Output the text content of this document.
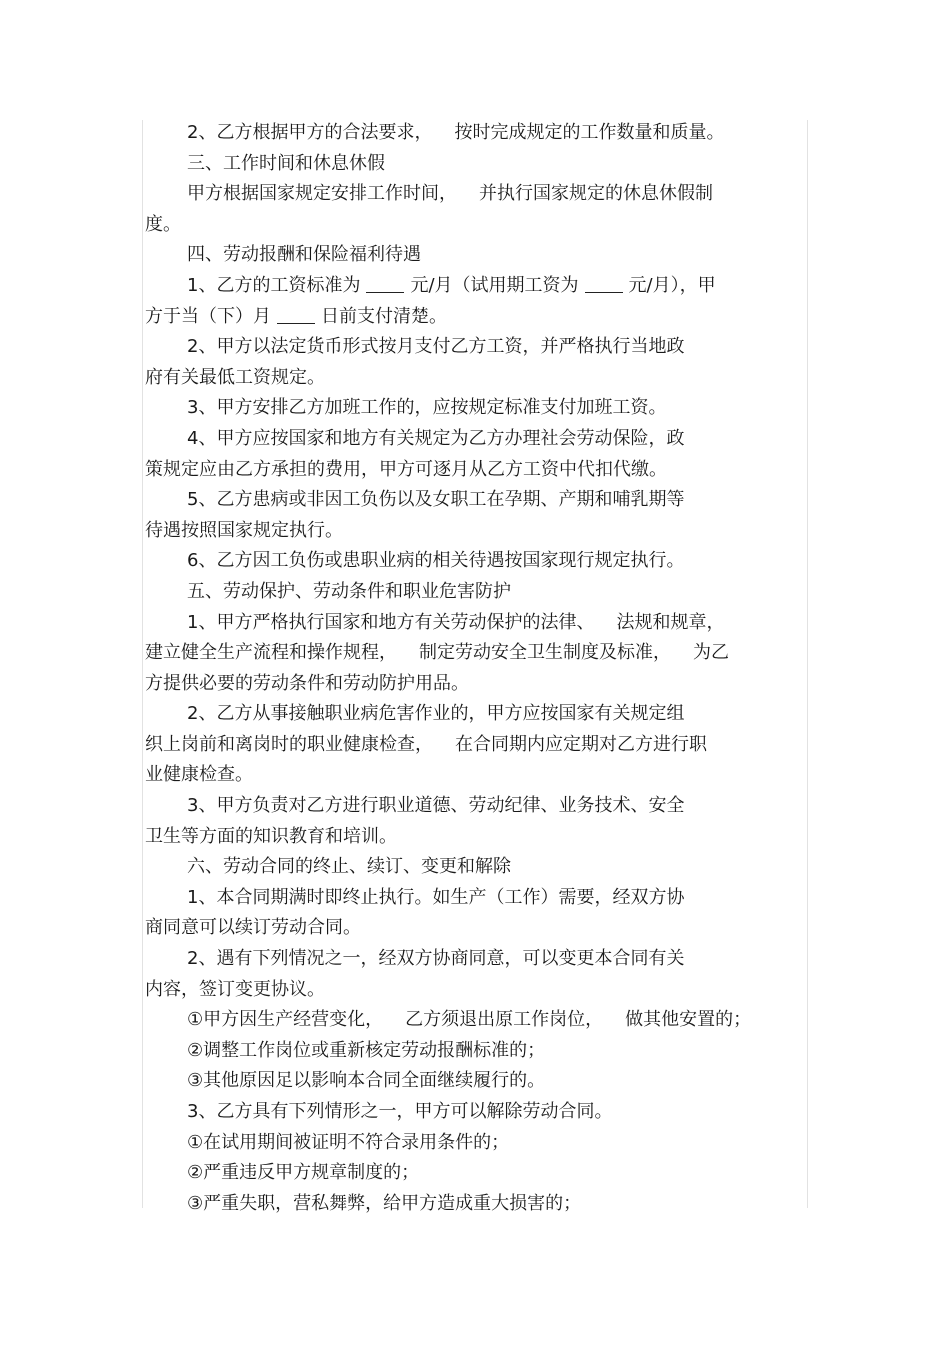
2、乙方根据甲方的合法要求， 按时完成规定的工作数量和质量。
三、工作时间和休息休假
甲方根据国家规定安排工作时间， 并执行国家规定的休息休假制
度。
四、劳动报酬和保险福利待遇
1、乙方的工资标准为	元/月（试用期工资为	元/月），甲
方于当（下）月	日前支付清楚。
2、甲方以法定货币形式按月支付乙方工资，并严格执行当地政
府有关最低工资规定。
3、甲方安排乙方加班工作的，应按规定标准支付加班工资。
4、甲方应按国家和地方有关规定为乙方办理社会劳动保险，政
策规定应由乙方承担的费用，甲方可逐月从乙方工资中代扣代缴。
5、乙方患病或非因工负伤以及女职工在孕期、产期和哺乳期等
待遇按照国家规定执行。
6、乙方因工负伤或患职业病的相关待遇按国家现行规定执行。
五、劳动保护、劳动条件和职业危害防护
1、甲方严格执行国家和地方有关劳动保护的法律、 法规和规章，
建立健全生产流程和操作规程， 制定劳动安全卫生制度及标准， 为乙
方提供必要的劳动条件和劳动防护用品。
2、乙方从事接触职业病危害作业的，甲方应按国家有关规定组
织上岗前和离岗时的职业健康检查， 在合同期内应定期对乙方进行职
业健康检查。
3、甲方负责对乙方进行职业道德、劳动纪律、业务技术、安全
卫生等方面的知识教育和培训。
六、劳动合同的终止、续订、变更和解除
1、本合同期满时即终止执行。如生产（工作）需要，经双方协
商同意可以续订劳动合同。
2、遇有下列情况之一，经双方协商同意，可以变更本合同有关
内容，签订变更协议。
①甲方因生产经营变化， 乙方须退出原工作岗位， 做其他安置的；
②调整工作岗位或重新核定劳动报酬标准的；
③其他原因足以影响本合同全面继续履行的。
3、乙方具有下列情形之一，甲方可以解除劳动合同。
①在试用期间被证明不符合录用条件的；
②严重违反甲方规章制度的；
③严重失职，营私舞弊，给甲方造成重大损害的；
